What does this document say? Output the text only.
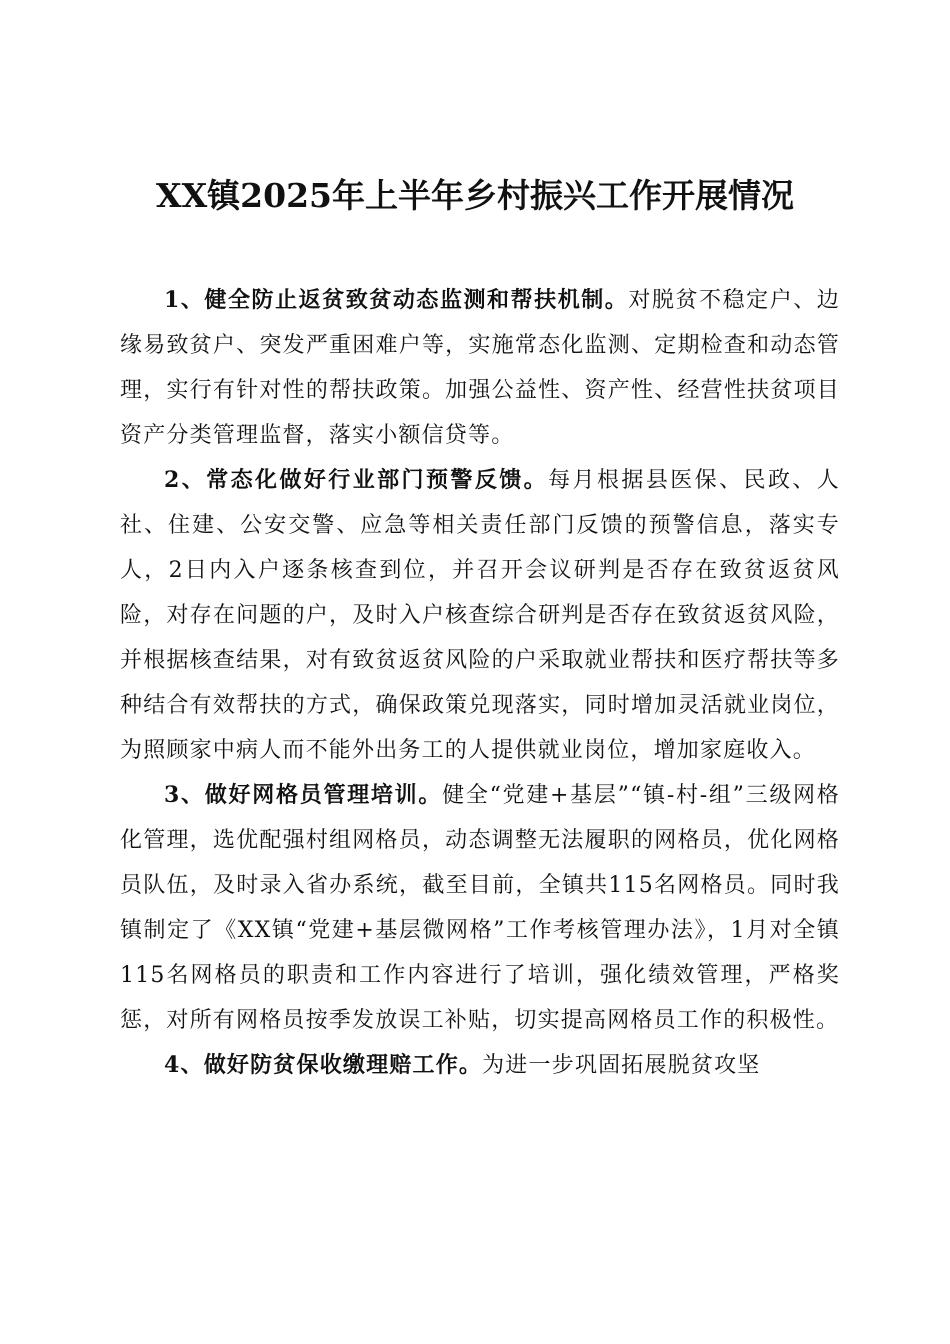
XX镇2025年上半年乡村振兴工作开展情况

1、健全防止返贫致贫动态监测和帮扶机制。对脱贫不稳定户、边缘易致贫户、突发严重困难户等，实施常态化监测、定期检查和动态管理，实行有针对性的帮扶政策。加强公益性、资产性、经营性扶贫项目资产分类管理监督，落实小额信贷等。

2、常态化做好行业部门预警反馈。每月根据县医保、民政、人社、住建、公安交警、应急等相关责任部门反馈的预警信息，落实专人，2日内入户逐条核查到位，并召开会议研判是否存在致贫返贫风险，对存在问题的户，及时入户核查综合研判是否存在致贫返贫风险，并根据核查结果，对有致贫返贫风险的户采取就业帮扶和医疗帮扶等多种结合有效帮扶的方式，确保政策兑现落实，同时增加灵活就业岗位，为照顾家中病人而不能外出务工的人提供就业岗位，增加家庭收入。

3、做好网格员管理培训。健全“党建+基层”“镇-村-组”三级网格化管理，选优配强村组网格员，动态调整无法履职的网格员，优化网格员队伍，及时录入省办系统，截至目前，全镇共115名网格员。同时我镇制定了《XX镇“党建+基层微网格”工作考核管理办法》，1月对全镇115名网格员的职责和工作内容进行了培训，强化绩效管理，严格奖惩，对所有网格员按季发放误工补贴，切实提高网格员工作的积极性。

4、做好防贫保收缴理赔工作。为进一步巩固拓展脱贫攻坚
